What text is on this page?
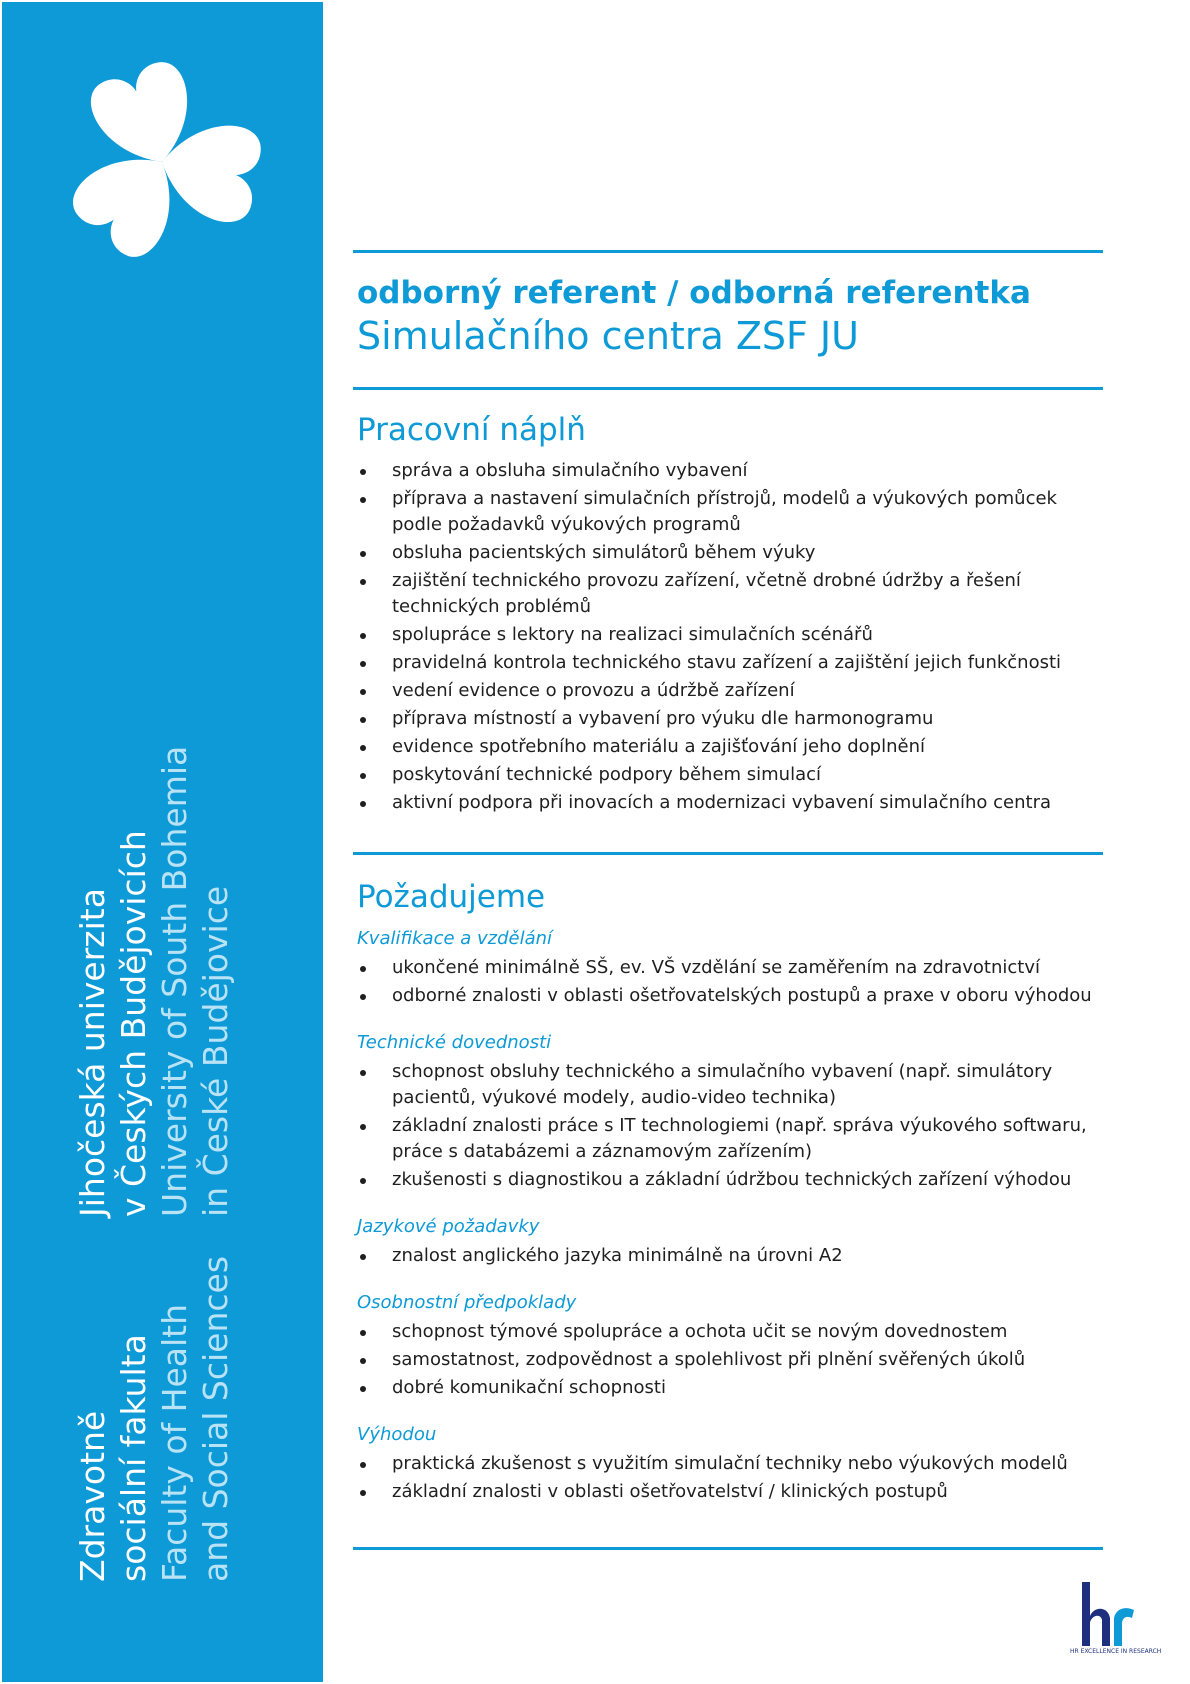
Zdravotně sociální fakulta Faculty of Health and Social Sciences
Jihočeská univerzita v Českých Budějovicích University of South Bohemia in České Budějovice
odborný referent / odborná referentka
Simulačního centra ZSF JU
Pracovní náplň
správa a obsluha simulačního vybavení
příprava a nastavení simulačních přístrojů, modelů a výukových pomůcek podle požadavků výukových programů
obsluha pacientských simulátorů během výuky
zajištění technického provozu zařízení, včetně drobné údržby a řešení technických problémů
spolupráce s lektory na realizaci simulačních scénářů
pravidelná kontrola technického stavu zařízení a zajištění jejich funkčnosti
vedení evidence o provozu a údržbě zařízení
příprava místností a vybavení pro výuku dle harmonogramu
evidence spotřebního materiálu a zajišťování jeho doplnění
poskytování technické podpory během simulací
aktivní podpora při inovacích a modernizaci vybavení simulačního centra
Požadujeme
Kvalifikace a vzdělání
ukončené minimálně SŠ, ev. VŠ vzdělání se zaměřením na zdravotnictví
odborné znalosti v oblasti ošetřovatelských postupů a praxe v oboru výhodou
Technické dovednosti
schopnost obsluhy technického a simulačního vybavení (např. simulátory pacientů, výukové modely, audio-video technika)
základní znalosti práce s IT technologiemi (např. správa výukového softwaru, práce s databázemi a záznamovým zařízením)
zkušenosti s diagnostikou a základní údržbou technických zařízení výhodou
Jazykové požadavky
znalost anglického jazyka minimálně na úrovni A2
Osobnostní předpoklady
schopnost týmové spolupráce a ochota učit se novým dovednostem
samostatnost, zodpovědnost a spolehlivost při plnění svěřených úkolů
dobré komunikační schopnosti
Výhodou
praktická zkušenost s využitím simulační techniky nebo výukových modelů
základní znalosti v oblasti ošetřovatelství / klinických postupů
HR EXCELLENCE IN RESEARCH
